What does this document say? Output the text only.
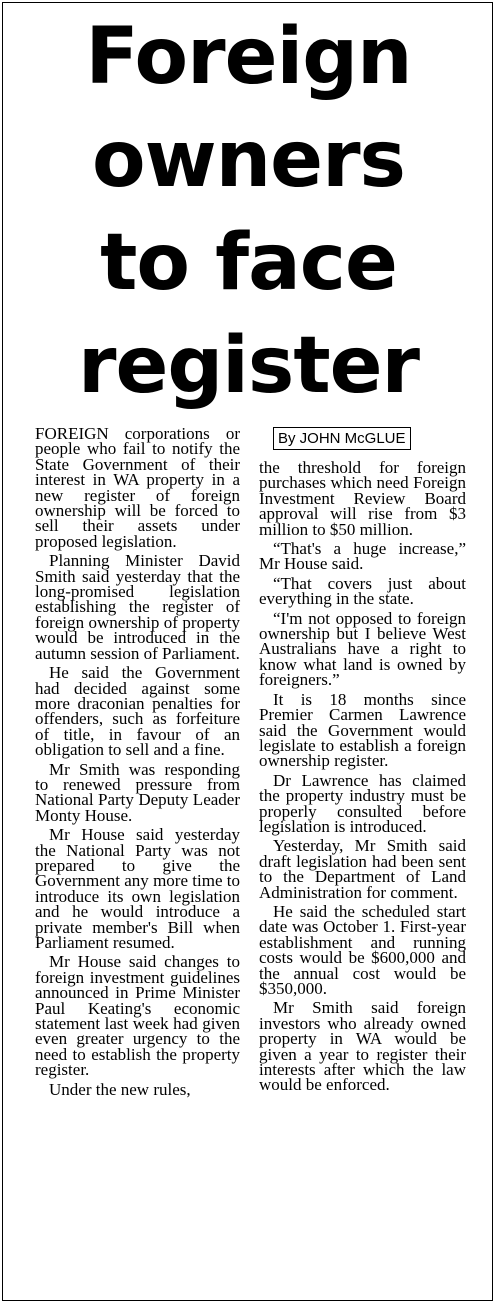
Foreign
owners
to face
register

FOREIGN corporations or people who fail to notify the State Government of their interest in WA property in a new register of foreign ownership will be forced to sell their assets under proposed legislation.

Planning Minister David Smith said yesterday that the long-promised legislation establishing the register of foreign ownership of property would be introduced in the autumn session of Parliament.

He said the Government had decided against some more draconian penalties for offenders, such as forfeiture of title, in favour of an obligation to sell and a fine.

Mr Smith was responding to renewed pressure from National Party Deputy Leader Monty House.

Mr House said yesterday the National Party was not prepared to give the Government any more time to introduce its own legislation and he would introduce a private member's Bill when Parliament resumed.

Mr House said changes to foreign investment guidelines announced in Prime Minister Paul Keating's economic statement last week had given even greater urgency to the need to establish the property register.

Under the new rules,

By JOHN McGLUE

the threshold for foreign purchases which need Foreign Investment Review Board approval will rise from $3 million to $50 million.

“That's a huge increase,” Mr House said.

“That covers just about everything in the state.

“I'm not opposed to foreign ownership but I believe West Australians have a right to know what land is owned by foreigners.”

It is 18 months since Premier Carmen Lawrence said the Government would legislate to establish a foreign ownership register.

Dr Lawrence has claimed the property industry must be properly consulted before legislation is introduced.

Yesterday, Mr Smith said draft legislation had been sent to the Department of Land Administration for comment.

He said the scheduled start date was October 1. First-year establishment and running costs would be $600,000 and the annual cost would be $350,000.

Mr Smith said foreign investors who already owned property in WA would be given a year to register their interests after which the law would be enforced.
